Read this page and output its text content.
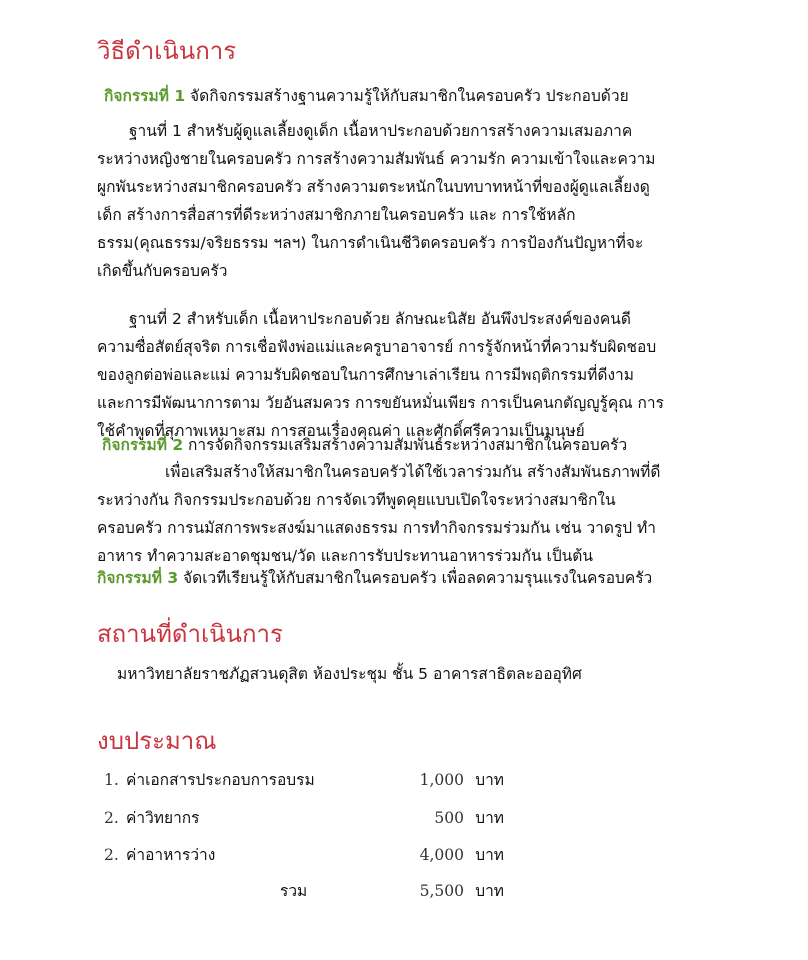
วิธีดำเนินการ

กิจกรรมที่ 1 จัดกิจกรรมสร้างฐานความรู้ให้กับสมาชิกในครอบครัว ประกอบด้วย

ฐานที่ 1 สำหรับผู้ดูแลเลี้ยงดูเด็ก เนื้อหาประกอบด้วยการสร้างความเสมอภาค

ระหว่างหญิงชายในครอบครัว การสร้างความสัมพันธ์ ความรัก ความเข้าใจและความ

ผูกพันระหว่างสมาชิกครอบครัว สร้างความตระหนักในบทบาทหน้าที่ของผู้ดูแลเลี้ยงดู

เด็ก สร้างการสื่อสารที่ดีระหว่างสมาชิกภายในครอบครัว และ การใช้หลัก

ธรรม(คุณธรรม/จริยธรรม ฯลฯ) ในการดำเนินชีวิตครอบครัว การป้องกันปัญหาที่จะ

เกิดขึ้นกับครอบครัว

ฐานที่ 2 สำหรับเด็ก เนื้อหาประกอบด้วย ลักษณะนิสัย อันพึงประสงค์ของคนดี

ความซื่อสัตย์สุจริต การเชื่อฟังพ่อแม่และครูบาอาจารย์ การรู้จักหน้าที่ความรับผิดชอบ

ของลูกต่อพ่อและแม่ ความรับผิดชอบในการศึกษาเล่าเรียน การมีพฤติกรรมที่ดีงาม

และการมีพัฒนาการตาม วัยอันสมควร การขยันหมั่นเพียร การเป็นคนกตัญญูรู้คุณ การ

ใช้คำพูดที่สุภาพเหมาะสม การสอนเรื่องคุณค่า และศักดิ์ศรีความเป็นมนุษย์

กิจกรรมที่ 2 การจัดกิจกรรมเสริมสร้างความสัมพันธ์ระหว่างสมาชิกในครอบครัว

เพื่อเสริมสร้างให้สมาชิกในครอบครัวได้ใช้เวลาร่วมกัน สร้างสัมพันธภาพที่ดี

ระหว่างกัน กิจกรรมประกอบด้วย การจัดเวทีพูดคุยแบบเปิดใจระหว่างสมาชิกใน

ครอบครัว การนมัสการพระสงฆ์มาแสดงธรรม การทำกิจกรรมร่วมกัน เช่น วาดรูป ทำ

อาหาร ทำความสะอาดชุมชน/วัด และการรับประทานอาหารร่วมกัน เป็นต้น

กิจกรรมที่ 3 จัดเวทีเรียนรู้ให้กับสมาชิกในครอบครัว เพื่อลดความรุนแรงในครอบครัว

สถานที่ดำเนินการ

มหาวิทยาลัยราชภัฏสวนดุสิต ห้องประชุม ชั้น 5 อาคารสาธิตละอออุทิศ

งบประมาณ
1. ค่าเอกสารประกอบการอบรม	1,000 บาท
2. ค่าวิทยากร	500 บาท
2. ค่าอาหารว่าง	4,000 บาท
รวม	5,500 บาท
